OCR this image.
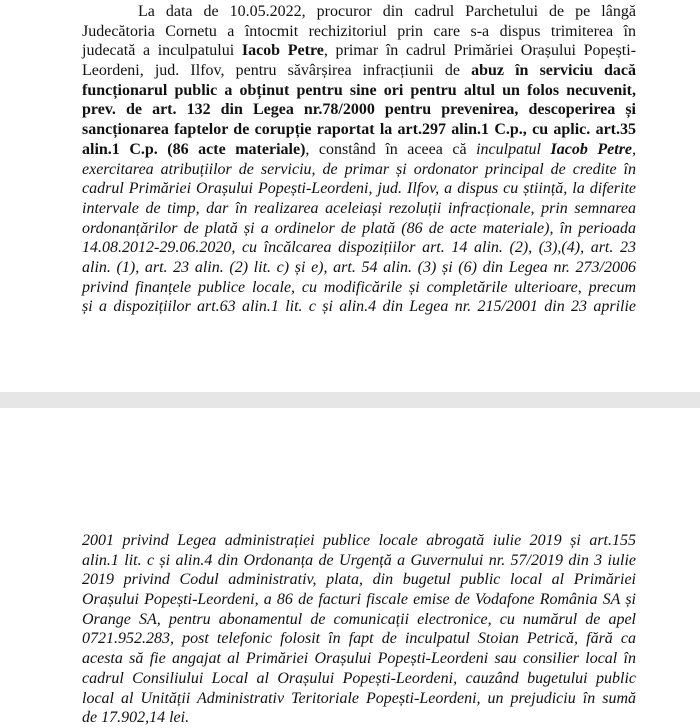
La data de 10.05.2022, procuror din cadrul Parchetului de pe lângă
Judecătoria Cornetu a întocmit rechizitoriul prin care s-a dispus trimiterea în
judecată a inculpatului Iacob Petre, primar în cadrul Primăriei Orașului Popești-
Leordeni, jud. Ilfov, pentru săvârșirea infracțiunii de abuz în serviciu dacă
funcționarul public a obținut pentru sine ori pentru altul un folos necuvenit,
prev. de art. 132 din Legea nr.78/2000 pentru prevenirea, descoperirea și
sancționarea faptelor de corupție raportat la art.297 alin.1 C.p., cu aplic. art.35
alin.1 C.p. (86 acte materiale), constând în aceea că inculpatul Iacob Petre,
exercitarea atribuțiilor de serviciu, de primar și ordonator principal de credite în
cadrul Primăriei Orașului Popești-Leordeni, jud. Ilfov, a dispus cu știință, la diferite
intervale de timp, dar în realizarea aceleiași rezoluții infracționale, prin semnarea
ordonanțărilor de plată și a ordinelor de plată (86 de acte materiale), în perioada
14.08.2012-29.06.2020, cu încălcarea dispozițiilor art. 14 alin. (2), (3),(4), art. 23
alin. (1), art. 23 alin. (2) lit. c) și e), art. 54 alin. (3) și (6) din Legea nr. 273/2006
privind finanțele publice locale, cu modificările și completările ulterioare, precum
și a dispozițiilor art.63 alin.1 lit. c și alin.4 din Legea nr. 215/2001 din 23 aprilie
2001 privind Legea administrației publice locale abrogată iulie 2019 și art.155
alin.1 lit. c și alin.4 din Ordonanța de Urgență a Guvernului nr. 57/2019 din 3 iulie
2019 privind Codul administrativ, plata, din bugetul public local al Primăriei
Orașului Popești-Leordeni, a 86 de facturi fiscale emise de Vodafone România SA și
Orange SA, pentru abonamentul de comunicații electronice, cu numărul de apel
0721.952.283, post telefonic folosit în fapt de inculpatul Stoian Petrică, fără ca
acesta să fie angajat al Primăriei Orașului Popești-Leordeni sau consilier local în
cadrul Consiliului Local al Orașului Popești-Leordeni, cauzând bugetului public
local al Unității Administrativ Teritoriale Popești-Leordeni, un prejudiciu în sumă
de 17.902,14 lei.
